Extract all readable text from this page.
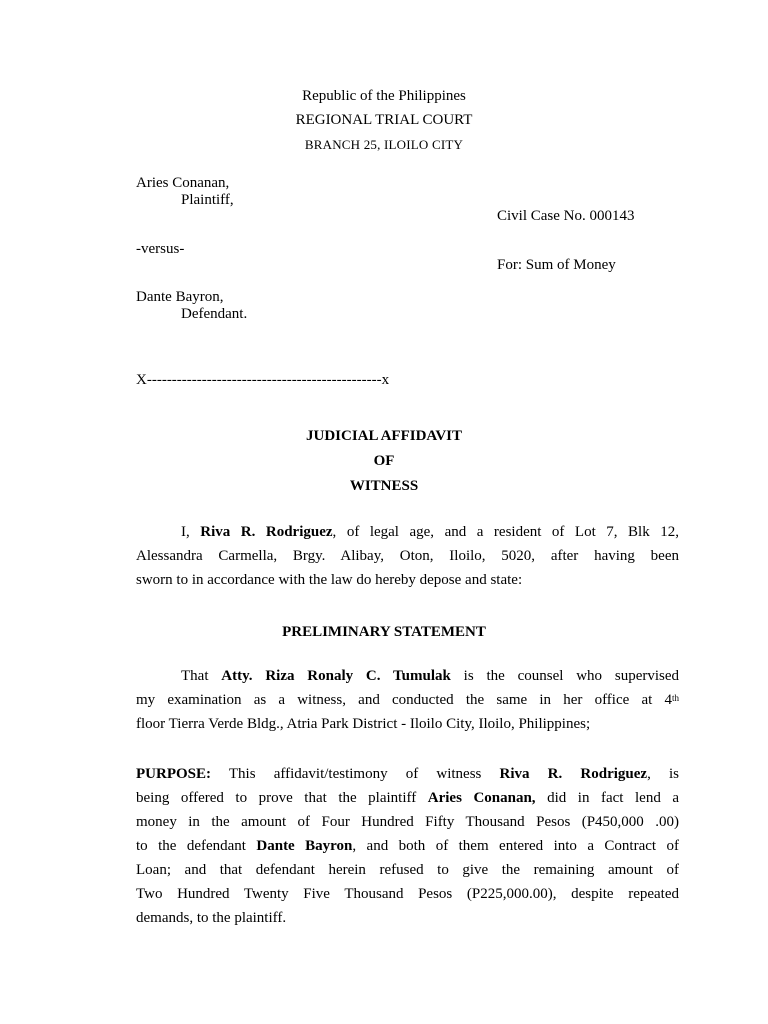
Republic of the Philippines
REGIONAL TRIAL COURT
BRANCH 25, ILOILO CITY
Aries Conanan,
Plaintiff,
Civil Case No. 000143
-versus-
For: Sum of Money
Dante Bayron,
Defendant.
X-----------------------------------------------x
JUDICIAL AFFIDAVIT
OF
WITNESS
I, Riva R. Rodriguez, of legal age, and a resident of Lot 7, Blk 12,
Alessandra Carmella, Brgy. Alibay, Oton, Iloilo, 5020, after having been
sworn to in accordance with the law do hereby depose and state:
PRELIMINARY STATEMENT
That Atty. Riza Ronaly C. Tumulak is the counsel who supervised
my examination as a witness, and conducted the same in her office at 4th
floor Tierra Verde Bldg., Atria Park District - Iloilo City, Iloilo, Philippines;
PURPOSE: This affidavit/testimony of witness Riva R. Rodriguez, is
being offered to prove that the plaintiff Aries Conanan, did in fact lend a
money in the amount of Four Hundred Fifty Thousand Pesos (P450,000 .00)
to the defendant Dante Bayron, and both of them entered into a Contract of
Loan; and that defendant herein refused to give the remaining amount of
Two Hundred Twenty Five Thousand Pesos (P225,000.00), despite repeated
demands, to the plaintiff.
